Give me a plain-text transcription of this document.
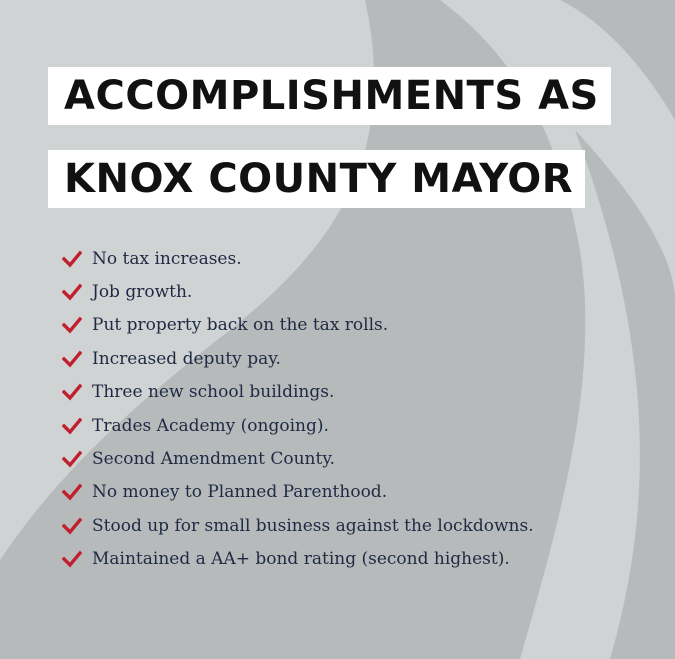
ACCOMPLISHMENTS AS
KNOX COUNTY MAYOR
No tax increases.
Job growth.
Put property back on the tax rolls.
Increased deputy pay.
Three new school buildings.
Trades Academy (ongoing).
Second Amendment County.
No money to Planned Parenthood.
Stood up for small business against the lockdowns.
Maintained a AA+ bond rating (second highest).
